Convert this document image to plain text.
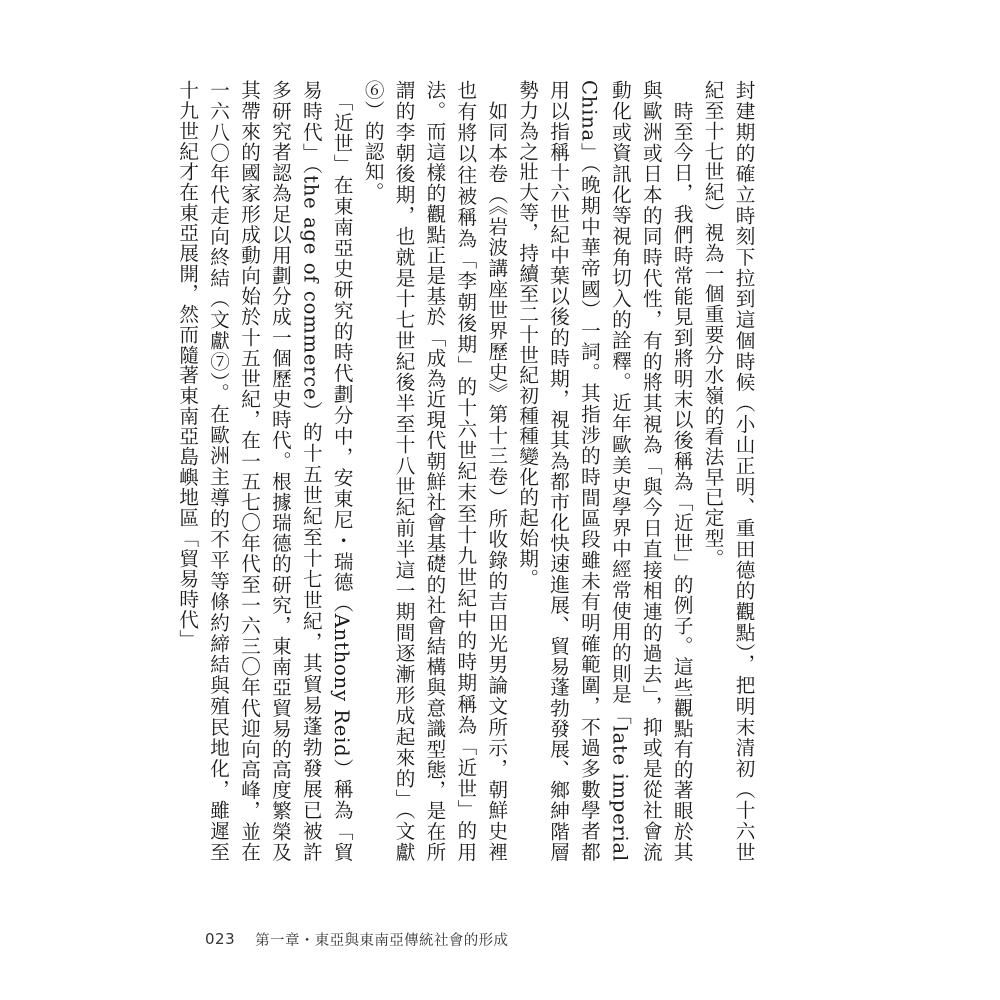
封建期的確立時刻下拉到這個時候（小山正明、重田德的觀點），把明末清初（十六世紀至十七世紀）視為一個重要分水嶺的看法早已定型。

　時至今日，我們時常能見到將明末以後稱為「近世」的例子。這些觀點有的著眼於其與歐洲或日本的同時代性，有的將其視為「與今日直接相連的過去」，抑或是從社會流動化或資訊化等視角切入的詮釋。近年歐美史學界中經常使用的則是「late imperial China」（晚期中華帝國）一詞。其指涉的時間區段雖未有明確範圍，不過多數學者都用以指稱十六世紀中葉以後的時期，視其為都市化快速進展、貿易蓬勃發展、鄉紳階層勢力為之壯大等，持續至二十世紀初種種變化的起始期。

　如同本卷（《岩波講座世界歷史》第十三卷）所收錄的吉田光男論文所示，朝鮮史裡也有將以往被稱為「李朝後期」的十六世紀末至十九世紀中的時期稱為「近世」的用法。而這樣的觀點正是基於「成為近現代朝鮮社會基礎的社會結構與意識型態，是在所謂的李朝後期，也就是十七世紀後半至十八世紀前半這一期間逐漸形成起來的」（文獻⑥）的認知。

　「近世」在東南亞史研究的時代劃分中，安東尼・瑞德（Anthony Reid）稱為「貿易時代」（the age of commerce）的十五世紀至十七世紀，其貿易蓬勃發展已被許多研究者認為足以用劃分成一個歷史時代。根據瑞德的研究，東南亞貿易的高度繁榮及其帶來的國家形成動向始於十五世紀，在一五七〇年代至一六三〇年代迎向高峰，並在一六八〇年代走向終結（文獻⑦）。在歐洲主導的不平等條約締結與殖民地化，雖遲至十九世紀才在東亞展開，然而隨著東南亞島嶼地區「貿易時代」

023 第一章・東亞與東南亞傳統社會的形成
